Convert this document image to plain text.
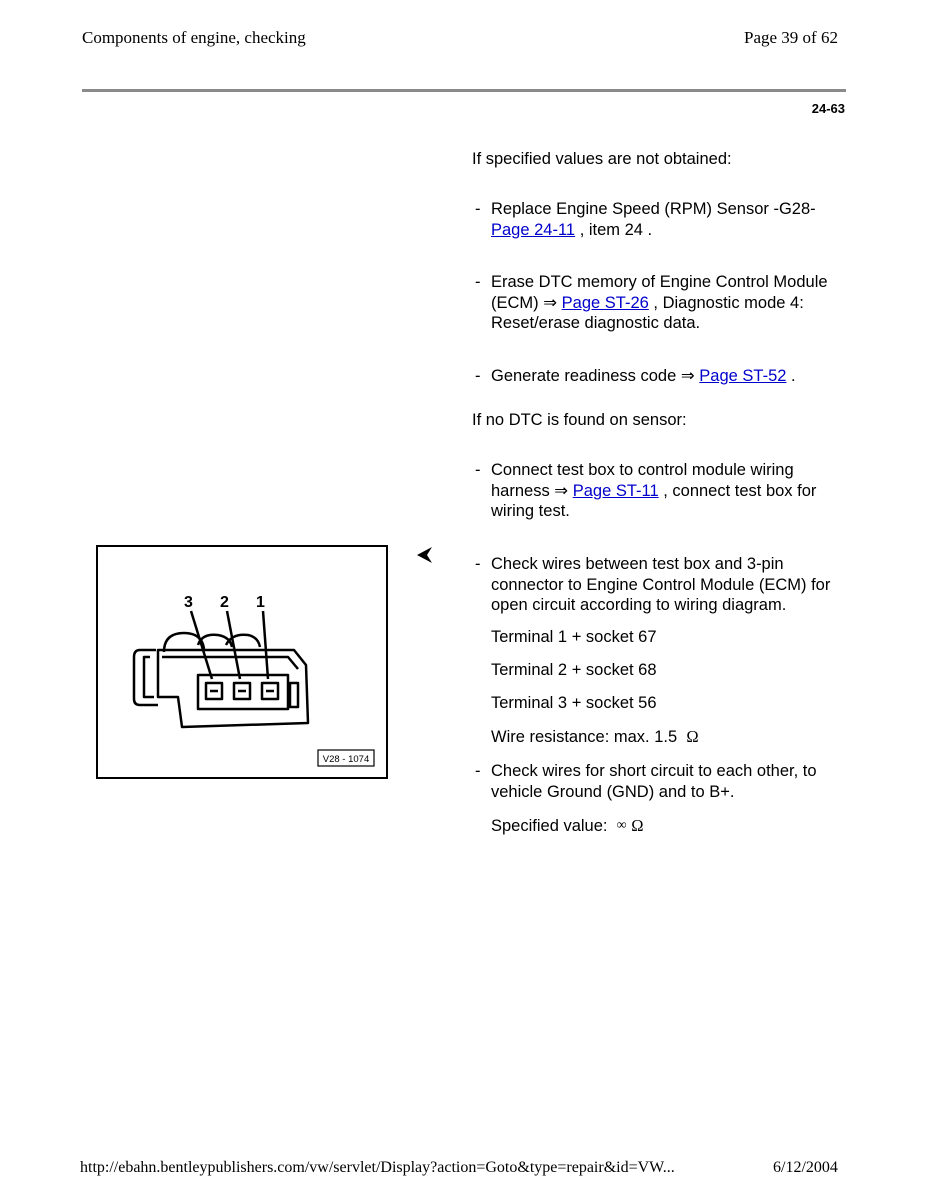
Components of engine, checking	Page 39 of 62
24-63
If specified values are not obtained:
- Replace Engine Speed (RPM) Sensor -G28-
Page 24-11 , item 24 .
- Erase DTC memory of Engine Control Module
(ECM) ⇒ Page ST-26 , Diagnostic mode 4:
Reset/erase diagnostic data.
- Generate readiness code ⇒ Page ST-52 .
If no DTC is found on sensor:
- Connect test box to control module wiring
harness ⇒ Page ST-11 , connect test box for
wiring test.
- Check wires between test box and 3-pin
connector to Engine Control Module (ECM) for
open circuit according to wiring diagram.
Terminal 1 + socket 67
Terminal 2 + socket 68
Terminal 3 + socket 56
Wire resistance: max. 1.5 Ω
- Check wires for short circuit to each other, to
vehicle Ground (GND) and to B+.
Specified value: ∞ Ω
3 2 1
V28 - 1074
http://ebahn.bentleypublishers.com/vw/servlet/Display?action=Goto&type=repair&id=VW...	6/12/2004
